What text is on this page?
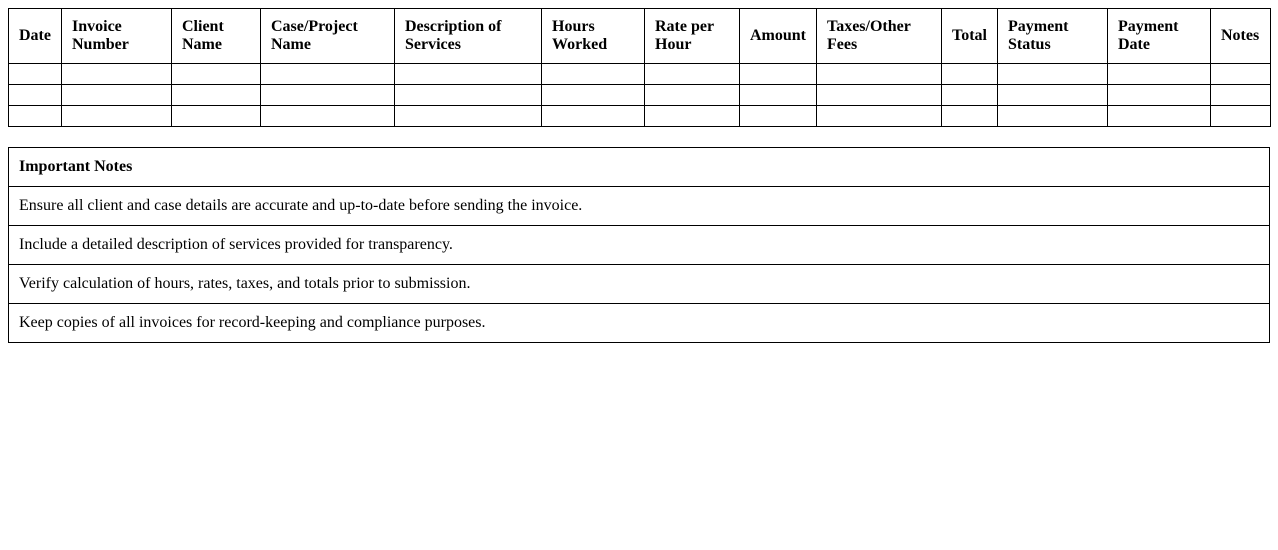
Date	Invoice Number	Client Name	Case/Project Name	Description of Services	Hours Worked	Rate per Hour	Amount	Taxes/Other Fees	Total	Payment Status	Payment Date	Notes

Important Notes
Ensure all client and case details are accurate and up-to-date before sending the invoice.
Include a detailed description of services provided for transparency.
Verify calculation of hours, rates, taxes, and totals prior to submission.
Keep copies of all invoices for record-keeping and compliance purposes.
